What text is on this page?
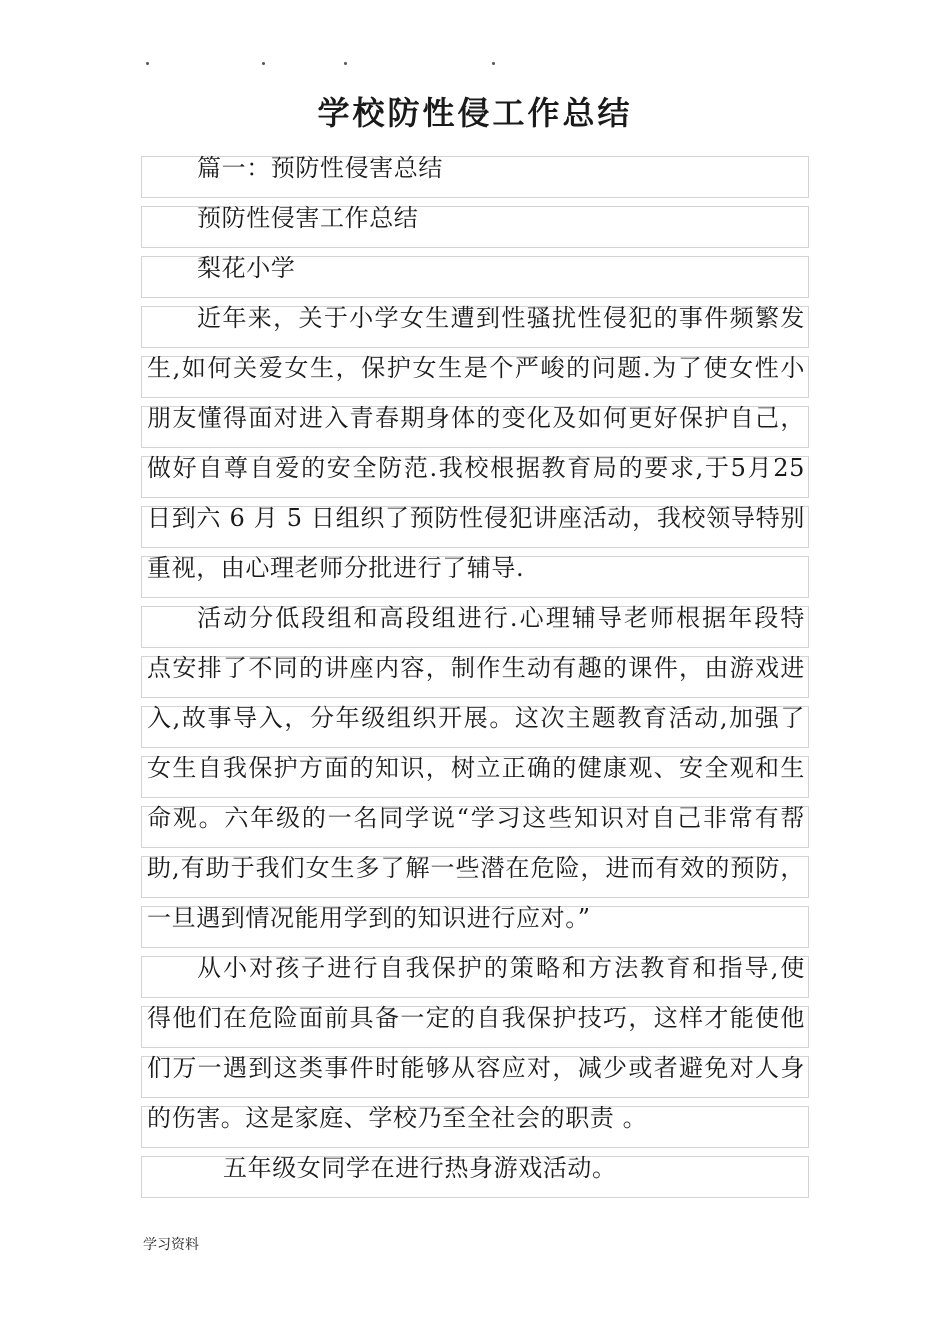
学校防性侵工作总结
篇一：预防性侵害总结
预防性侵害工作总结
梨花小学
近年来，关于小学女生遭到性骚扰性侵犯的事件频繁发
生,如何关爱女生，保护女生是个严峻的问题.为了使女性小
朋友懂得面对进入青春期身体的变化及如何更好保护自己，
做好自尊自爱的安全防范.我校根据教育局的要求,于5月25
日到六 6 月 5 日组织了预防性侵犯讲座活动，我校领导特别
重视，由心理老师分批进行了辅导.
活动分低段组和高段组进行.心理辅导老师根据年段特
点安排了不同的讲座内容，制作生动有趣的课件，由游戏进
入,故事导入，分年级组织开展。这次主题教育活动,加强了
女生自我保护方面的知识，树立正确的健康观、安全观和生
命观。六年级的一名同学说“学习这些知识对自己非常有帮
助,有助于我们女生多了解一些潜在危险，进而有效的预防，
一旦遇到情况能用学到的知识进行应对。”
从小对孩子进行自我保护的策略和方法教育和指导,使
得他们在危险面前具备一定的自我保护技巧，这样才能使他
们万一遇到这类事件时能够从容应对，减少或者避免对人身
的伤害。这是家庭、学校乃至全社会的职责 。
五年级女同学在进行热身游戏活动。
学习资料
